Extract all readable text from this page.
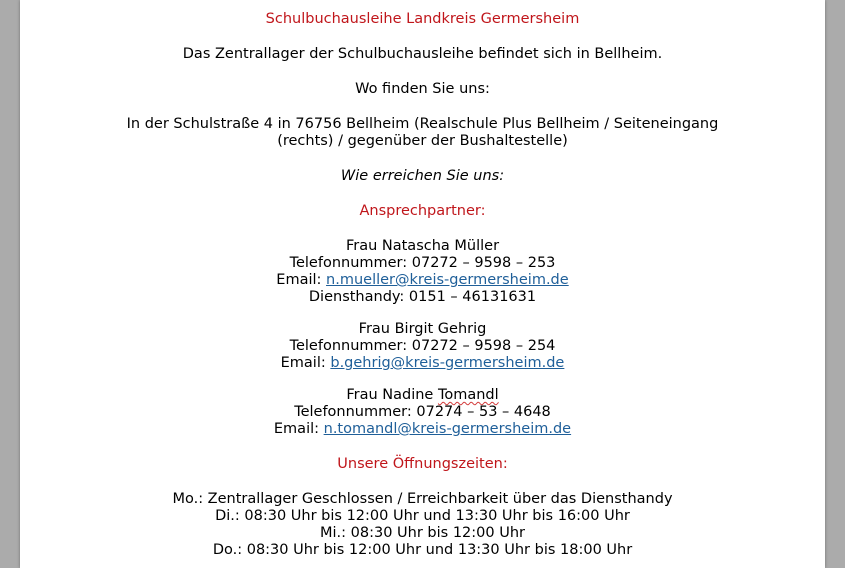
Schulbuchausleihe Landkreis Germersheim

Das Zentrallager der Schulbuchausleihe befindet sich in Bellheim.

Wo finden Sie uns:

In der Schulstraße 4 in 76756 Bellheim (Realschule Plus Bellheim / Seiteneingang

(rechts) / gegenüber der Bushaltestelle)

Wie erreichen Sie uns:

Ansprechpartner:

Frau Natascha Müller

Telefonnummer: 07272 – 9598 – 253

Email: n.mueller@kreis-germersheim.de

Diensthandy: 0151 – 46131631

Frau Birgit Gehrig

Telefonnummer: 07272 – 9598 – 254

Email: b.gehrig@kreis-germersheim.de

Frau Nadine Tomandl

Telefonnummer: 07274 – 53 – 4648

Email: n.tomandl@kreis-germersheim.de

Unsere Öffnungszeiten:

Mo.: Zentrallager Geschlossen / Erreichbarkeit über das Diensthandy

Di.: 08:30 Uhr bis 12:00 Uhr und 13:30 Uhr bis 16:00 Uhr

Mi.: 08:30 Uhr bis 12:00 Uhr

Do.: 08:30 Uhr bis 12:00 Uhr und 13:30 Uhr bis 18:00 Uhr
